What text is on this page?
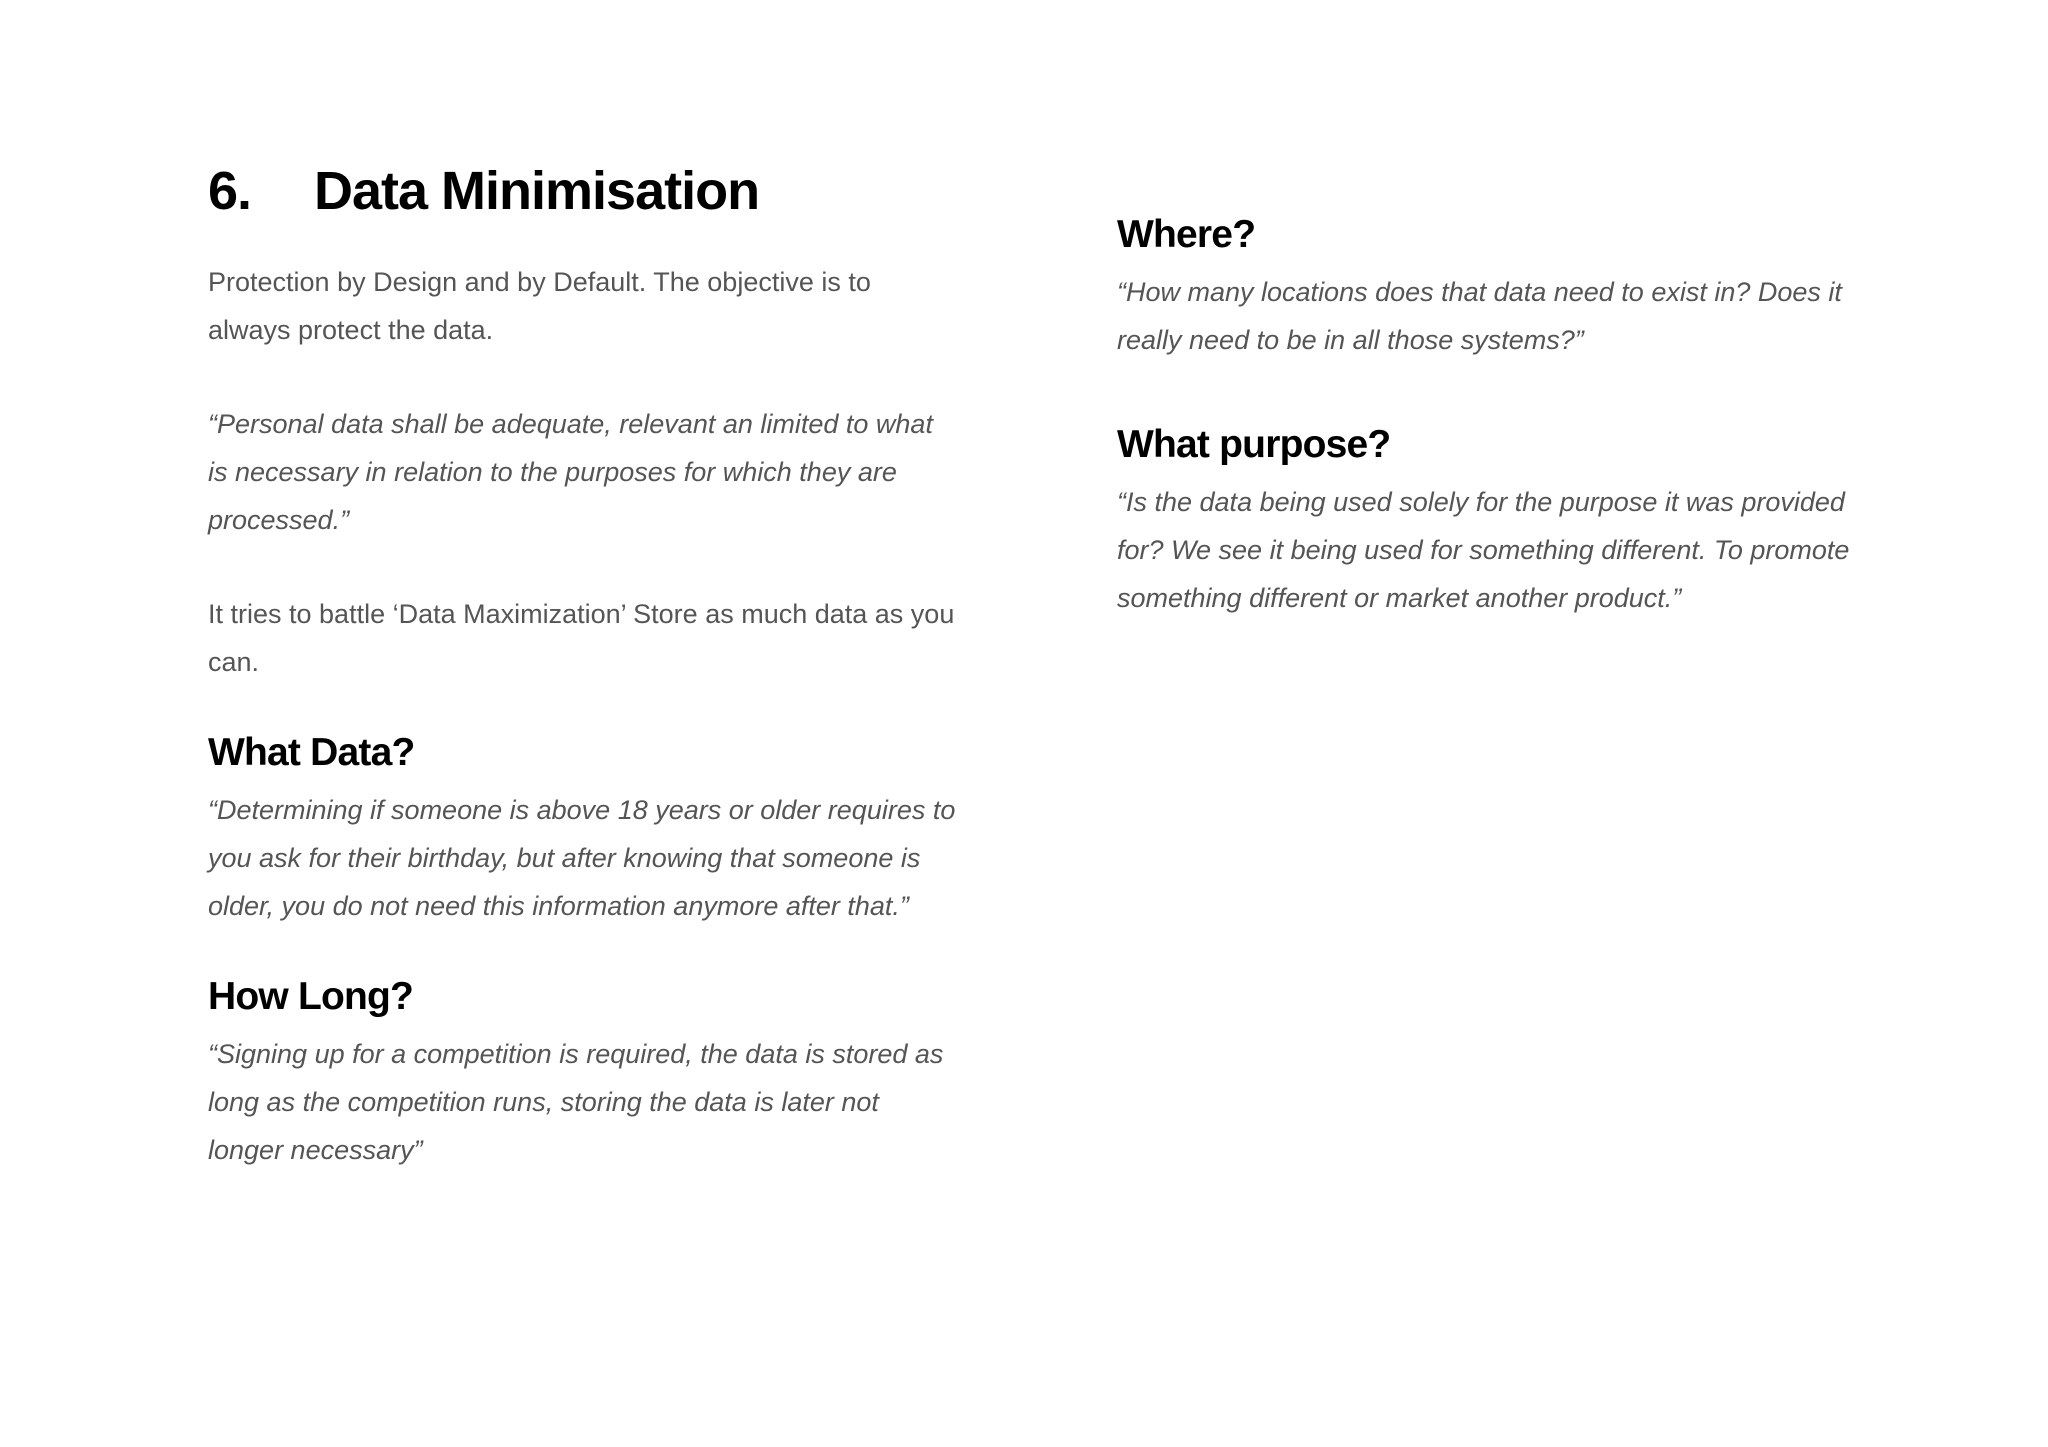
6. Data Minimisation

Protection by Design and by Default. The objective is to always protect the data.

“Personal data shall be adequate, relevant an limited to what is necessary in relation to the purposes for which they are processed.”

It tries to battle ‘Data Maximization’ Store as much data as you can.

What Data?

“Determining if someone is above 18 years or older requires to you ask for their birthday, but after knowing that someone is older, you do not need this information anymore after that.”

How Long?

“Signing up for a competition is required, the data is stored as long as the competition runs, storing the data is later not longer necessary”

Where?

“How many locations does that data need to exist in? Does it really need to be in all those systems?”

What purpose?

“Is the data being used solely for the purpose it was provided for? We see it being used for something different. To promote something different or market another product.”
